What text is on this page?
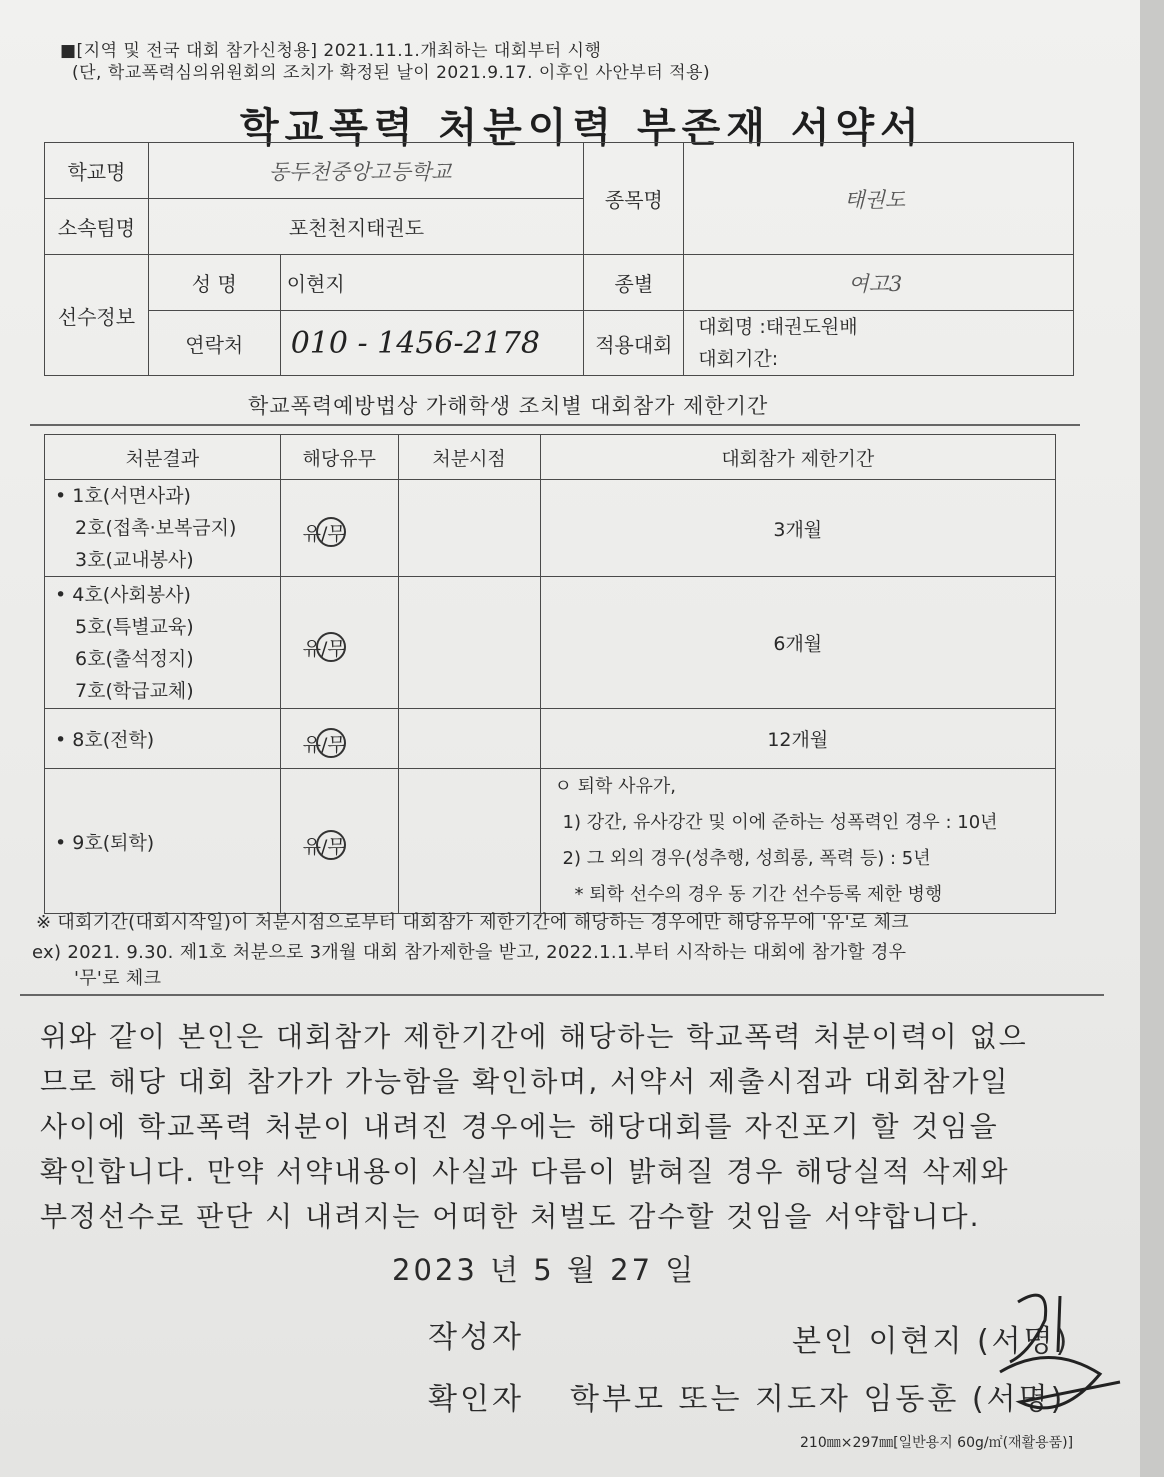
■[지역 및 전국 대회 참가신청용] 2021.11.1.개최하는 대회부터 시행
(단, 학교폭력심의위원회의 조치가 확정된 날이 2021.9.17. 이후인 사안부터 적용)
학교폭력 처분이력 부존재 서약서
학교명	동두천중앙고등학교		종목명	태권도
소속팀명	포천천지태권도			
선수정보	성 명	이현지	종별	여고3
	연락처	010 - 1456-2178	적용대회	대회명 :태권도원배
대회기간:
학교폭력예방법상 가해학생 조치별 대회참가 제한기간
처분결과	해당유무	처분시점	대회참가 제한기간

• 1호(서면사과)
2호(접촉·보복금지)
3호(교내봉사)	유/무		3개월

• 4호(사회봉사)
5호(특별교육)
6호(출석정지)
7호(학급교체)	유/무		6개월
• 8호(전학)	유/무		12개월
• 9호(퇴학)	유/무		ㅇ 퇴학 사유가,
1) 강간, 유사강간 및 이에 준하는 성폭력인 경우 : 10년
2) 그 외의 경우(성추행, 성희롱, 폭력 등) : 5년
* 퇴학 선수의 경우 동 기간 선수등록 제한 병행
※ 대회기간(대회시작일)이 처분시점으로부터 대회참가 제한기간에 해당하는 경우에만 해당유무에 '유'로 체크
ex) 2021. 9.30. 제1호 처분으로 3개월 대회 참가제한을 받고, 2022.1.1.부터 시작하는 대회에 참가할 경우
'무'로 체크
위와 같이 본인은 대회참가 제한기간에 해당하는 학교폭력 처분이력이 없으
므로 해당 대회 참가가 가능함을 확인하며, 서약서 제출시점과 대회참가일
사이에 학교폭력 처분이 내려진 경우에는 해당대회를 자진포기 할 것임을
확인합니다. 만약 서약내용이 사실과 다름이 밝혀질 경우 해당실적 삭제와
부정선수로 판단 시 내려지는 어떠한 처벌도 감수할 것임을 서약합니다.
2023 년 5 월 27 일
작성자	본인 이현지 (서명)
확인자 학부모 또는 지도자 임동훈 (서명)
210㎜×297㎜[일반용지 60g/㎡(재활용품)]
